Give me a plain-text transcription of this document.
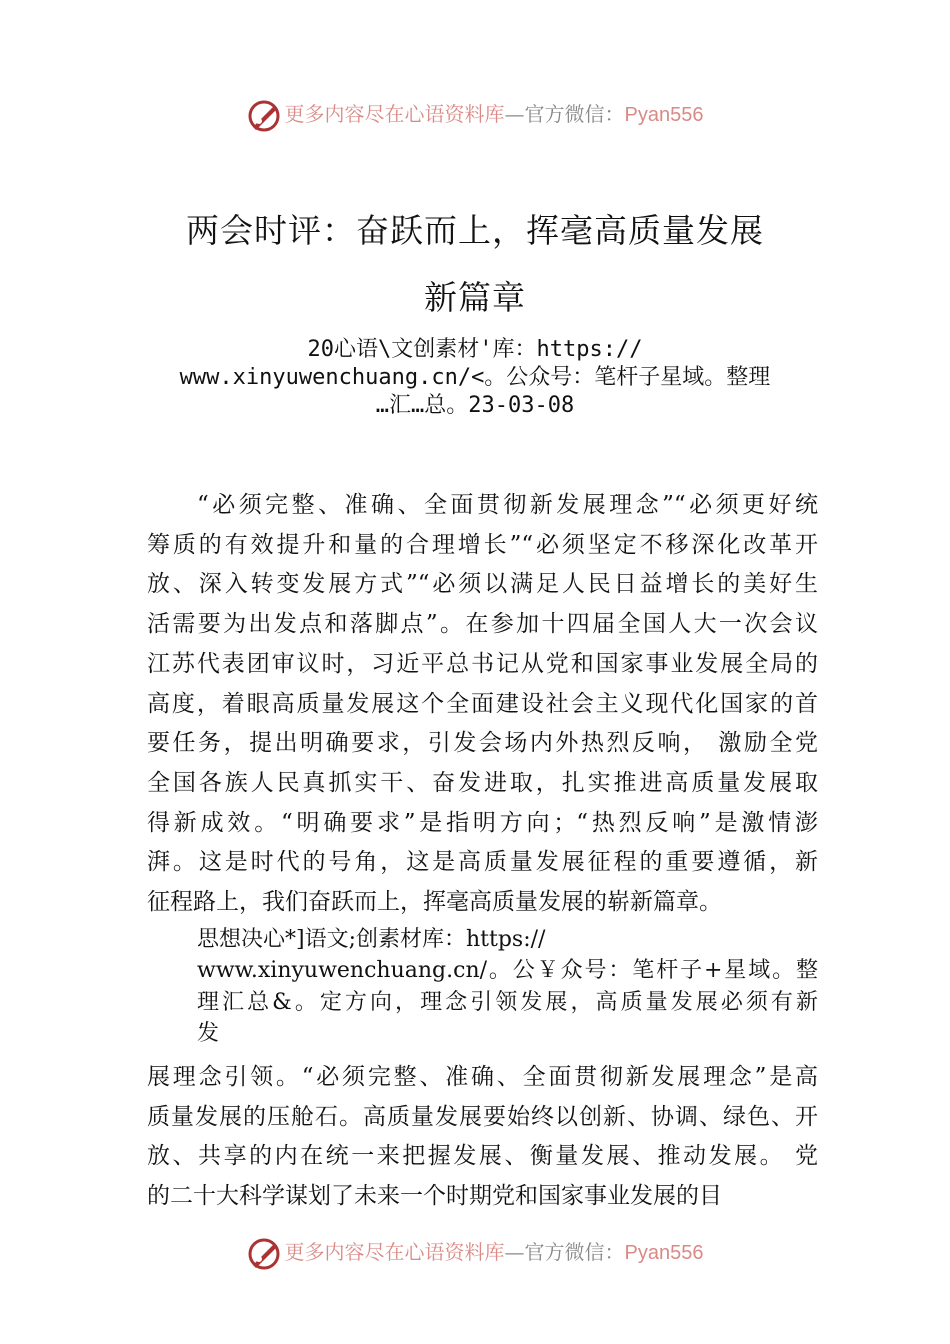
更多内容尽在心语资料库—官方微信：Pyan556
两会时评：奋跃而上，挥毫高质量发展
新篇章
20心语\文创素材'库：https://
www.xinyuwenchuang.cn/<。公众号：笔杆子星域。整理
…汇…总。23-03-08
“必须完整、准确、全面贯彻新发展理念”“必须更好统
筹质的有效提升和量的合理增长”“必须坚定不移深化改革开
放、深入转变发展方式”“必须以满足人民日益增长的美好生
活需要为出发点和落脚点”。在参加十四届全国人大一次会议
江苏代表团审议时，习近平总书记从党和国家事业发展全局的
高度，着眼高质量发展这个全面建设社会主义现代化国家的首
要任务，提出明确要求，引发会场内外热烈反响， 激励全党
全国各族人民真抓实干、奋发进取，扎实推进高质量发展取
得新成效。“明确要求”是指明方向；“热烈反响”是激情澎
湃。这是时代的号角，这是高质量发展征程的重要遵循，新
征程路上，我们奋跃而上，挥毫高质量发展的崭新篇章。
思想决心*]语文;创素材库：https://
www.xinyuwenchuang.cn/。公￥众号：笔杆子+星域。整
理汇总&。定方向，理念引领发展，高质量发展必须有新
发
展理念引领。“必须完整、准确、全面贯彻新发展理念”是高
质量发展的压舱石。高质量发展要始终以创新、协调、绿色、开
放、共享的内在统一来把握发展、衡量发展、推动发展。 党
的二十大科学谋划了未来一个时期党和国家事业发展的目
更多内容尽在心语资料库—官方微信：Pyan556
